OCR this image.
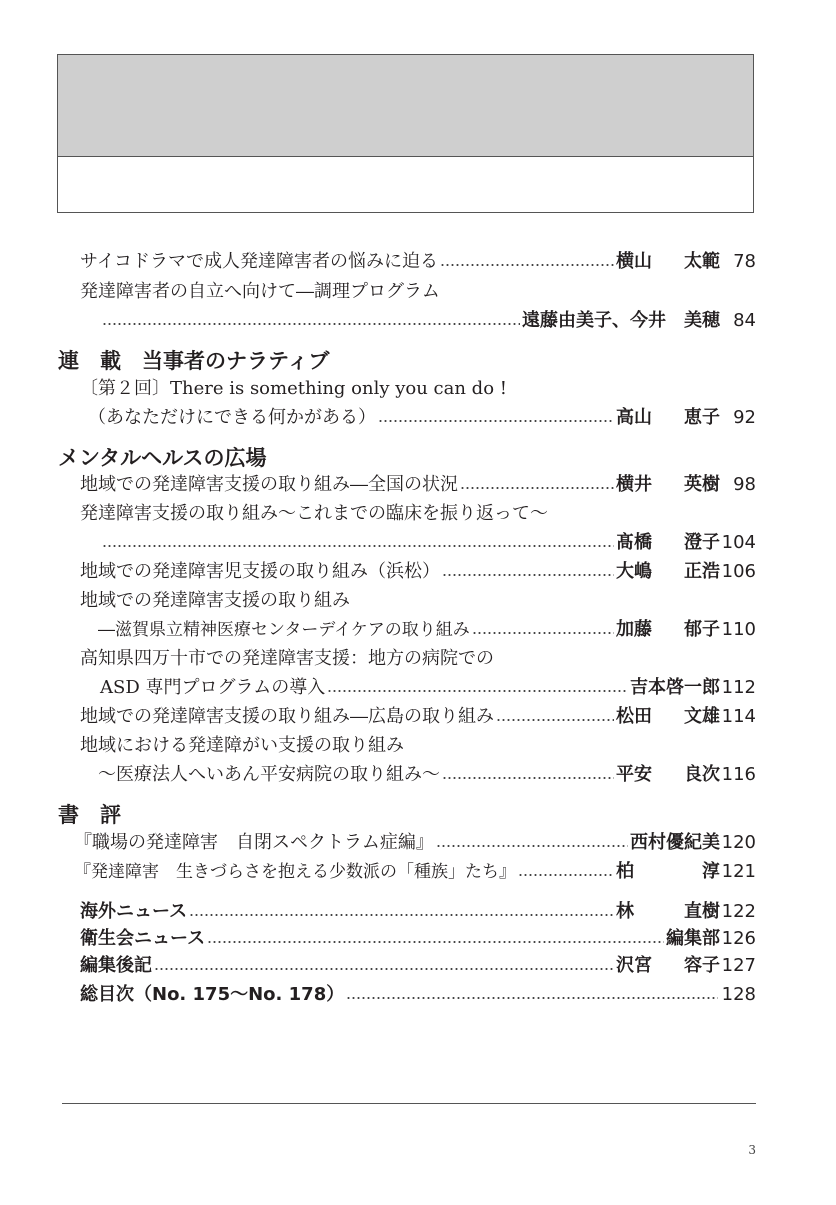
サイコドラマで成人発達障害者の悩みに迫る	横山 太範 78
発達障害者の自立へ向けて―調理プログラム
遠藤由美子、今井　美穂 84
連　載　当事者のナラティブ
〔第２回〕There is something only you can do !
（あなただけにできる何かがある）	高山 恵子 92
メンタルヘルスの広場
地域での発達障害支援の取り組み―全国の状況	横井 英樹 98
発達障害支援の取り組み～これまでの臨床を振り返って～
髙橋 澄子 104
地域での発達障害児支援の取り組み（浜松）	大嶋 正浩 106
地域での発達障害支援の取り組み
―滋賀県立精神医療センターデイケアの取り組み	加藤 郁子 110
高知県四万十市での発達障害支援：地方の病院での
ASD 専門プログラムの導入	吉本啓一郎 112
地域での発達障害支援の取り組み―広島の取り組み	松田 文雄 114
地域における発達障がい支援の取り組み
～医療法人へいあん平安病院の取り組み～	平安 良次 116
書　評
『職場の発達障害　自閉スペクトラム症編』	西村優紀美 120
『発達障害　生きづらさを抱える少数派の「種族」たち』	柏	淳 121
海外ニュース	林	直樹 122
衛生会ニュース	編集部 126
編集後記	沢宮 容子 127
総目次（No. 175～No. 178）	128
3
